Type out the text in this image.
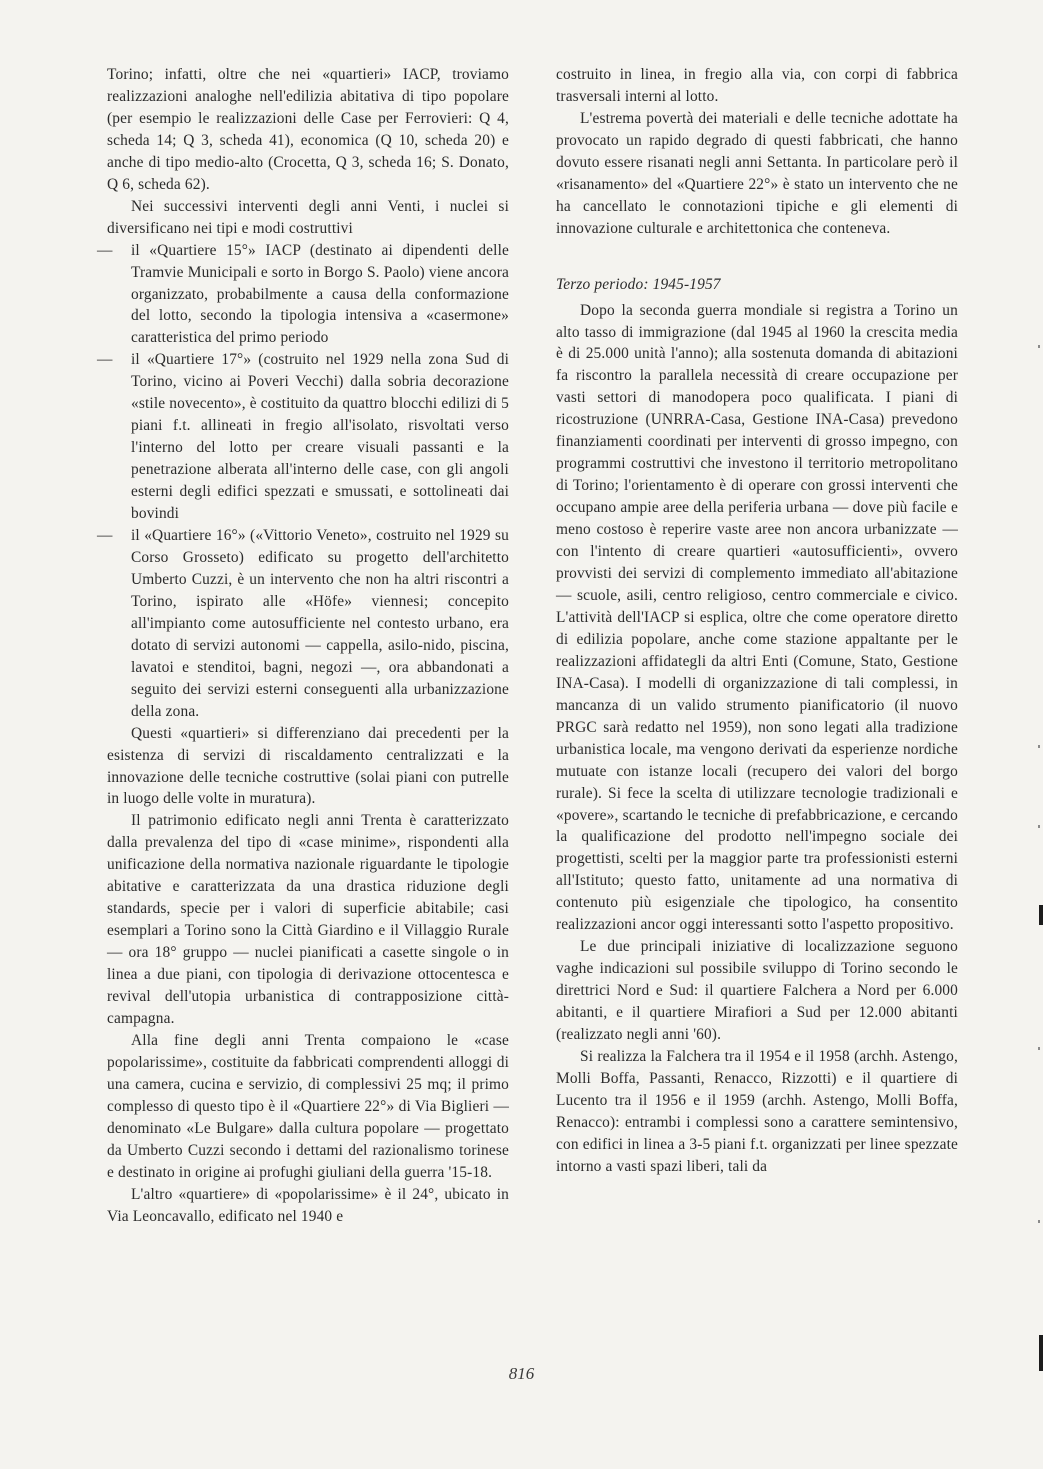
Torino; infatti, oltre che nei «quartieri» IACP, troviamo realizzazioni analoghe nell'edilizia abitativa di tipo popolare (per esempio le realizzazioni delle Case per Ferrovieri: Q 4, scheda 14; Q 3, scheda 41), economica (Q 10, scheda 20) e anche di tipo medio-alto (Crocetta, Q 3, scheda 16; S. Donato, Q 6, scheda 62).

Nei successivi interventi degli anni Venti, i nuclei si diversificano nei tipi e modi costruttivi

— il «Quartiere 15°» IACP (destinato ai dipendenti delle Tramvie Municipali e sorto in Borgo S. Paolo) viene ancora organizzato, probabilmente a causa della conformazione del lotto, secondo la tipologia intensiva a «casermone» caratteristica del primo periodo

— il «Quartiere 17°» (costruito nel 1929 nella zona Sud di Torino, vicino ai Poveri Vecchi) dalla sobria decorazione «stile novecento», è costituito da quattro blocchi edilizi di 5 piani f.t. allineati in fregio all'isolato, risvoltati verso l'interno del lotto per creare visuali passanti e la penetrazione alberata all'interno delle case, con gli angoli esterni degli edifici spezzati e smussati, e sottolineati dai bovindi

— il «Quartiere 16°» («Vittorio Veneto», costruito nel 1929 su Corso Grosseto) edificato su progetto dell'architetto Umberto Cuzzi, è un intervento che non ha altri riscontri a Torino, ispirato alle «Höfe» viennesi; concepito all'impianto come autosufficiente nel contesto urbano, era dotato di servizi autonomi — cappella, asilo-nido, piscina, lavatoi e stenditoi, bagni, negozi —, ora abbandonati a seguito dei servizi esterni conseguenti alla urbanizzazione della zona.

Questi «quartieri» si differenziano dai precedenti per la esistenza di servizi di riscaldamento centralizzati e la innovazione delle tecniche costruttive (solai piani con putrelle in luogo delle volte in muratura).

Il patrimonio edificato negli anni Trenta è caratterizzato dalla prevalenza del tipo di «case minime», rispondenti alla unificazione della normativa nazionale riguardante le tipologie abitative e caratterizzata da una drastica riduzione degli standards, specie per i valori di superficie abitabile; casi esemplari a Torino sono la Città Giardino e il Villaggio Rurale — ora 18° gruppo — nuclei pianificati a casette singole o in linea a due piani, con tipologia di derivazione ottocentesca e revival dell'utopia urbanistica di contrapposizione città-campagna.

Alla fine degli anni Trenta compaiono le «case popolarissime», costituite da fabbricati comprendenti alloggi di una camera, cucina e servizio, di complessivi 25 mq; il primo complesso di questo tipo è il «Quartiere 22°» di Via Biglieri — denominato «Le Bulgare» dalla cultura popolare — progettato da Umberto Cuzzi secondo i dettami del razionalismo torinese e destinato in origine ai profughi giuliani della guerra '15-18.

L'altro «quartiere» di «popolarissime» è il 24°, ubicato in Via Leoncavallo, edificato nel 1940 e

costruito in linea, in fregio alla via, con corpi di fabbrica trasversali interni al lotto.

L'estrema povertà dei materiali e delle tecniche adottate ha provocato un rapido degrado di questi fabbricati, che hanno dovuto essere risanati negli anni Settanta. In particolare però il «risanamento» del «Quartiere 22°» è stato un intervento che ne ha cancellato le connotazioni tipiche e gli elementi di innovazione culturale e architettonica che conteneva.

Terzo periodo: 1945-1957

Dopo la seconda guerra mondiale si registra a Torino un alto tasso di immigrazione (dal 1945 al 1960 la crescita media è di 25.000 unità l'anno); alla sostenuta domanda di abitazioni fa riscontro la parallela necessità di creare occupazione per vasti settori di manodopera poco qualificata. I piani di ricostruzione (UNRRA-Casa, Gestione INA-Casa) prevedono finanziamenti coordinati per interventi di grosso impegno, con programmi costruttivi che investono il territorio metropolitano di Torino; l'orientamento è di operare con grossi interventi che occupano ampie aree della periferia urbana — dove più facile e meno costoso è reperire vaste aree non ancora urbanizzate — con l'intento di creare quartieri «autosufficienti», ovvero provvisti dei servizi di complemento immediato all'abitazione — scuole, asili, centro religioso, centro commerciale e civico. L'attività dell'IACP si esplica, oltre che come operatore diretto di edilizia popolare, anche come stazione appaltante per le realizzazioni affidategli da altri Enti (Comune, Stato, Gestione INA-Casa). I modelli di organizzazione di tali complessi, in mancanza di un valido strumento pianificatorio (il nuovo PRGC sarà redatto nel 1959), non sono legati alla tradizione urbanistica locale, ma vengono derivati da esperienze nordiche mutuate con istanze locali (recupero dei valori del borgo rurale). Si fece la scelta di utilizzare tecnologie tradizionali e «povere», scartando le tecniche di prefabbricazione, e cercando la qualificazione del prodotto nell'impegno sociale dei progettisti, scelti per la maggior parte tra professionisti esterni all'Istituto; questo fatto, unitamente ad una normativa di contenuto più esigenziale che tipologico, ha consentito realizzazioni ancor oggi interessanti sotto l'aspetto propositivo.

Le due principali iniziative di localizzazione seguono vaghe indicazioni sul possibile sviluppo di Torino secondo le direttrici Nord e Sud: il quartiere Falchera a Nord per 6.000 abitanti, e il quartiere Mirafiori a Sud per 12.000 abitanti (realizzato negli anni '60).

Si realizza la Falchera tra il 1954 e il 1958 (archh. Astengo, Molli Boffa, Passanti, Renacco, Rizzotti) e il quartiere di Lucento tra il 1956 e il 1959 (archh. Astengo, Molli Boffa, Renacco): entrambi i complessi sono a carattere semintensivo, con edifici in linea a 3-5 piani f.t. organizzati per linee spezzate intorno a vasti spazi liberi, tali da

816
